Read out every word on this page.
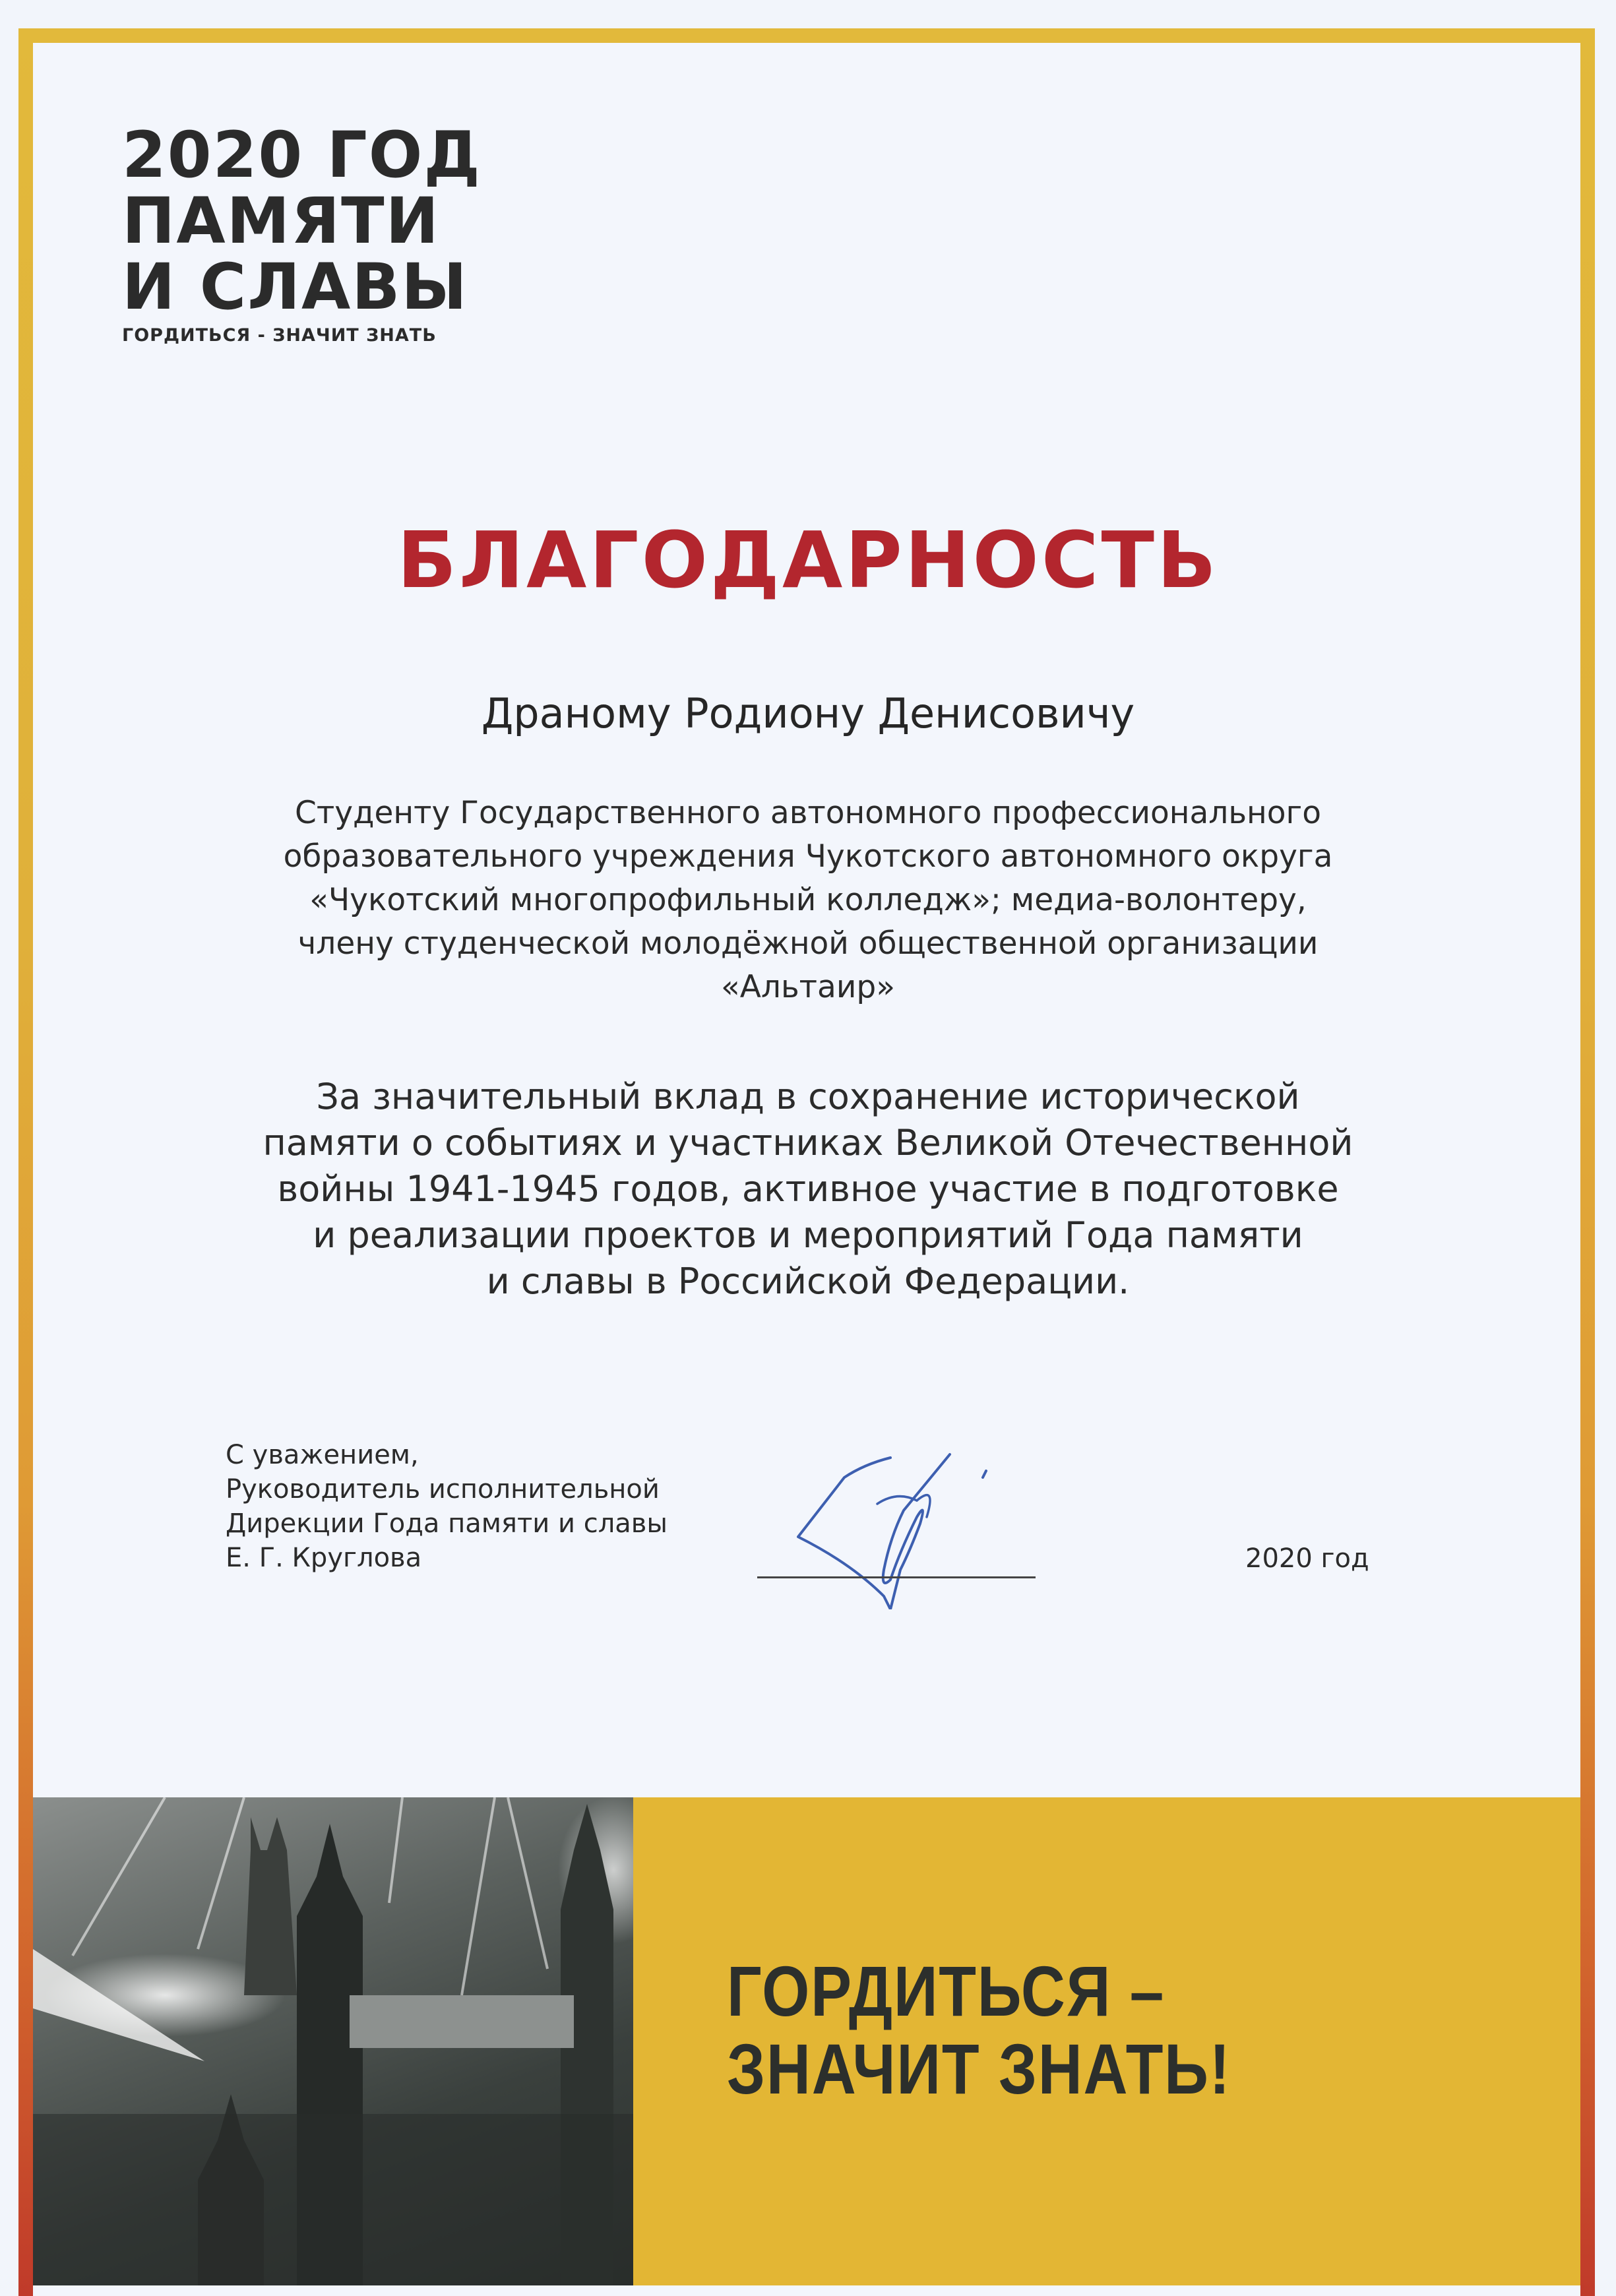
2020 ГОД
ПАМЯТИ
И СЛАВЫ
ГОРДИТЬСЯ - ЗНАЧИТ ЗНАТЬ
БЛАГОДАРНОСТЬ
Драному Родиону Денисовичу
Студенту Государственного автономного профессионального
образовательного учреждения Чукотского автономного округа
«Чукотский многопрофильный колледж»; медиа-волонтеру,
члену студенческой молодёжной общественной организации
«Альтаир»
За значительный вклад в сохранение исторической
памяти о событиях и участниках Великой Отечественной
войны 1941-1945 годов, активное участие в подготовке
и реализации проектов и мероприятий Года памяти
и славы в Российской Федерации.
С уважением,
Руководитель исполнительной
Дирекции Года памяти и славы
Е. Г. Круглова	2020 год
ГОРДИТЬСЯ –
ЗНАЧИТ ЗНАТЬ!
